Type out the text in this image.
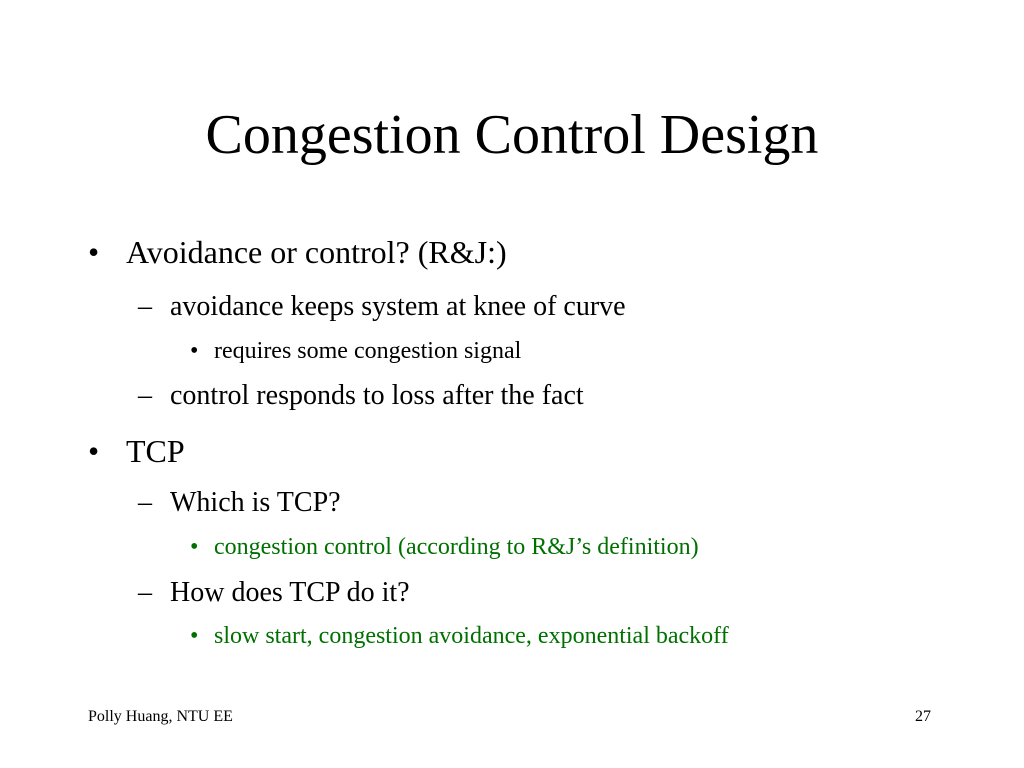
Congestion Control Design
• Avoidance or control? (R&J:)
– avoidance keeps system at knee of curve
• requires some congestion signal
– control responds to loss after the fact
• TCP
– Which is TCP?
• congestion control (according to R&J’s definition)
– How does TCP do it?
• slow start, congestion avoidance, exponential backoff
Polly Huang, NTU EE	27
